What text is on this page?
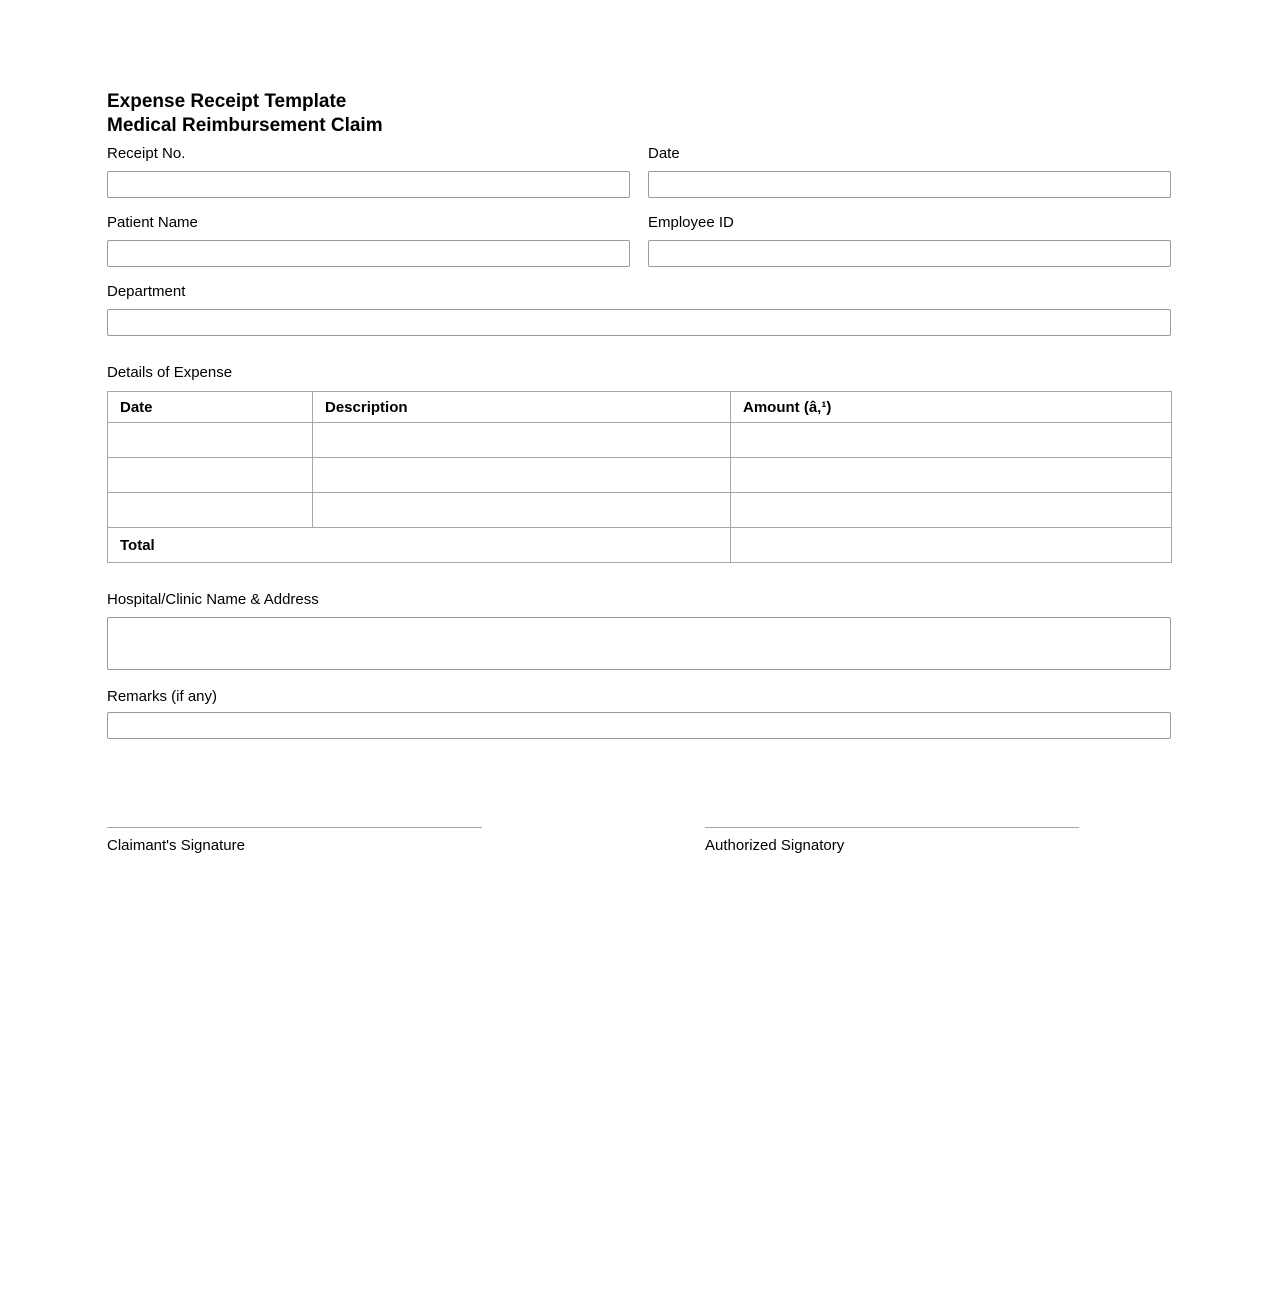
Expense Receipt Template
Medical Reimbursement Claim
Receipt No.	Date
Patient Name	Employee ID
Department
Details of Expense
Date	Description	Amount (â‚¹)

Total		
Hospital/Clinic Name & Address
Remarks (if any)
Claimant's Signature	Authorized Signatory
